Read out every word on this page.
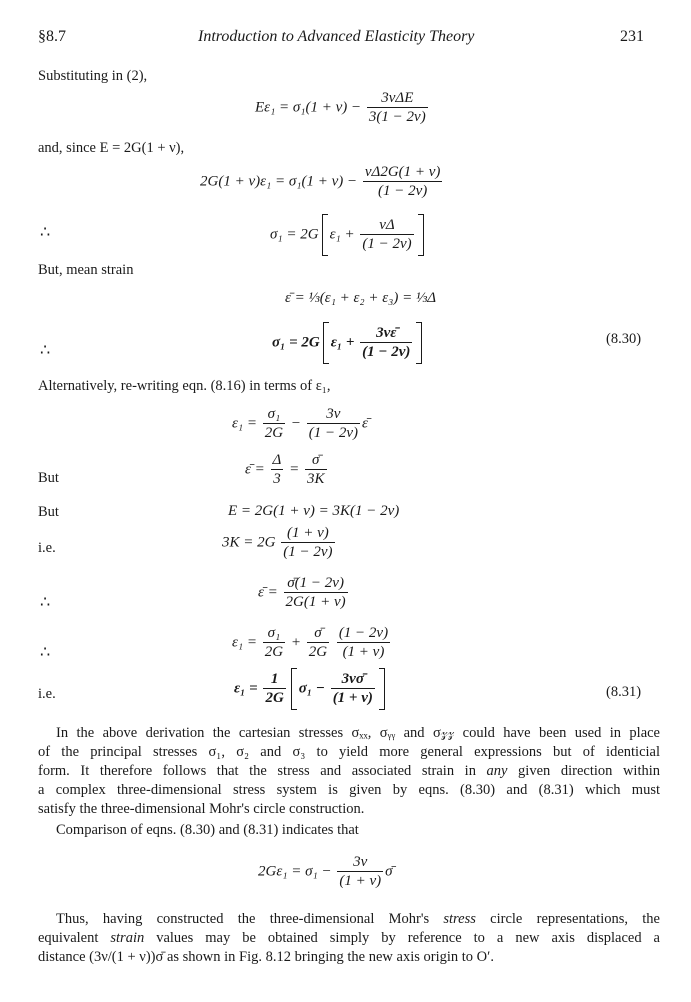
§8.7	Introduction to Advanced Elasticity Theory	231
Substituting in (2),
$E\varepsilon_1 = \sigma_1(1 + \nu) - \frac{\text{3νΔE}}{3(1 - 2\nu)}$
and, since E = 2G(1 + ν),
$2G(1 + \nu)\varepsilon_1 = \sigma_1(1 + \nu) - \frac{\nu\Delta 2G(1 + \nu)}{(1 - 2\nu)}$
∴	σ₁ = 2G $\varepsilon_1 + \frac{\nu\Delta}{(1 - 2\nu)}$
But, mean strain
ε̄ = ⅓(ε₁ + ε₂ + ε₃) = ⅓Δ
∴	σ₁ = 2G $\varepsilon_1 + \frac{3\nu\varepsilon̄}{(1 - 2\nu)}$	(8.30)
Alternatively, re-writing eqn. (8.16) in terms of ε₁,
$\varepsilon_1 = \frac{\text{σ₁}}{2G} - \frac{3\nu}{(1 - 2\nu)}$ ε̄
But
ε̄ = $\frac{\Delta}{3} = \frac{\sigmā}{3K}$
But	E = 2G(1 + ν) = 3K(1 − 2ν)
i.e.	$3K = 2G \frac{(1 + \nu)}{(1 - 2\nu)}$
∴
ε̄ = $\frac{\sigmā(1 - 2\nu)}{2G(1 + \nu)}$
∴
$\varepsilon_1 = \frac{\text{σ₁}}{2G} + \frac{\sigmā}{2G}$
$\frac{(1 - 2\nu)}{(1 + \nu)}$
i.e.	$\varepsilon_1 = \frac{1}{2G} \sigma_1 - \frac{3\nu\sigmā}{(1 + \nu)}$	(8.31)
In the above derivation the cartesian stresses σₓₓ, σᵧᵧ and σ𝓏𝓏 could have been used in place
of the principal stresses σ₁, σ₂ and σ₃ to yield more general expressions but of identicial
form. It therefore follows that the stress and associated strain in any given direction within
a complex three-dimensional stress system is given by eqns. (8.30) and (8.31) which must
satisfy the three-dimensional Mohr's circle construction.
Comparison of eqns. (8.30) and (8.31) indicates that
$2G\varepsilon_1 = \sigma_1 - \frac{3\nu}{(1 + \nu)}$ σ̄
Thus, having constructed the three-dimensional Mohr's stress circle representations, the
equivalent strain values may be obtained simply by reference to a new axis displaced a
distance (3ν/(1 + ν))σ̄ as shown in Fig. 8.12 bringing the new axis origin to O′.
